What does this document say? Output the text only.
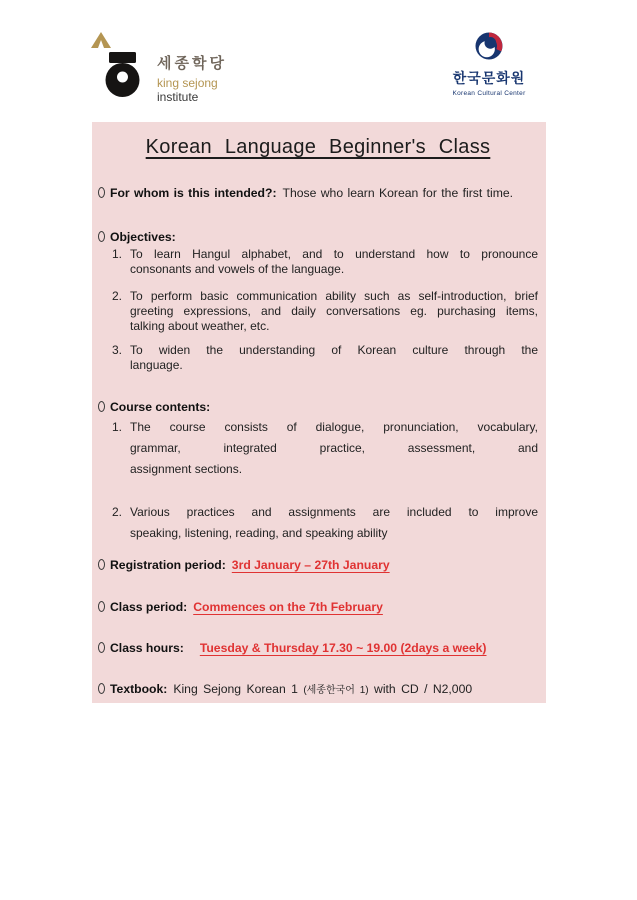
세종학당
king sejong
institute
한국문화원
Korean Cultural Center
Korean Language Beginner's Class
For whom is this intended?: Those who learn Korean for the first time.
Objectives:
1. To learn Hangul alphabet, and to understand how to pronounce
consonants and vowels of the language.
2. To perform basic communication ability such as self-introduction, brief
greeting expressions, and daily conversations eg. purchasing items,
talking about weather, etc.
3. To widen the understanding of Korean culture through the
language.
Course contents:
1. The course consists of dialogue, pronunciation, vocabulary,
grammar, integrated practice, assessment, and
assignment sections.
2. Various practices and assignments are included to improve
speaking, listening, reading, and speaking ability
Registration period: 3rd January – 27th January
Class period: Commences on the 7th February
Class hours: Tuesday & Thursday 17.30 ~ 19.00 (2days a week)
Textbook: King Sejong Korean 1 (세종한국어 1) with CD / N2,000
